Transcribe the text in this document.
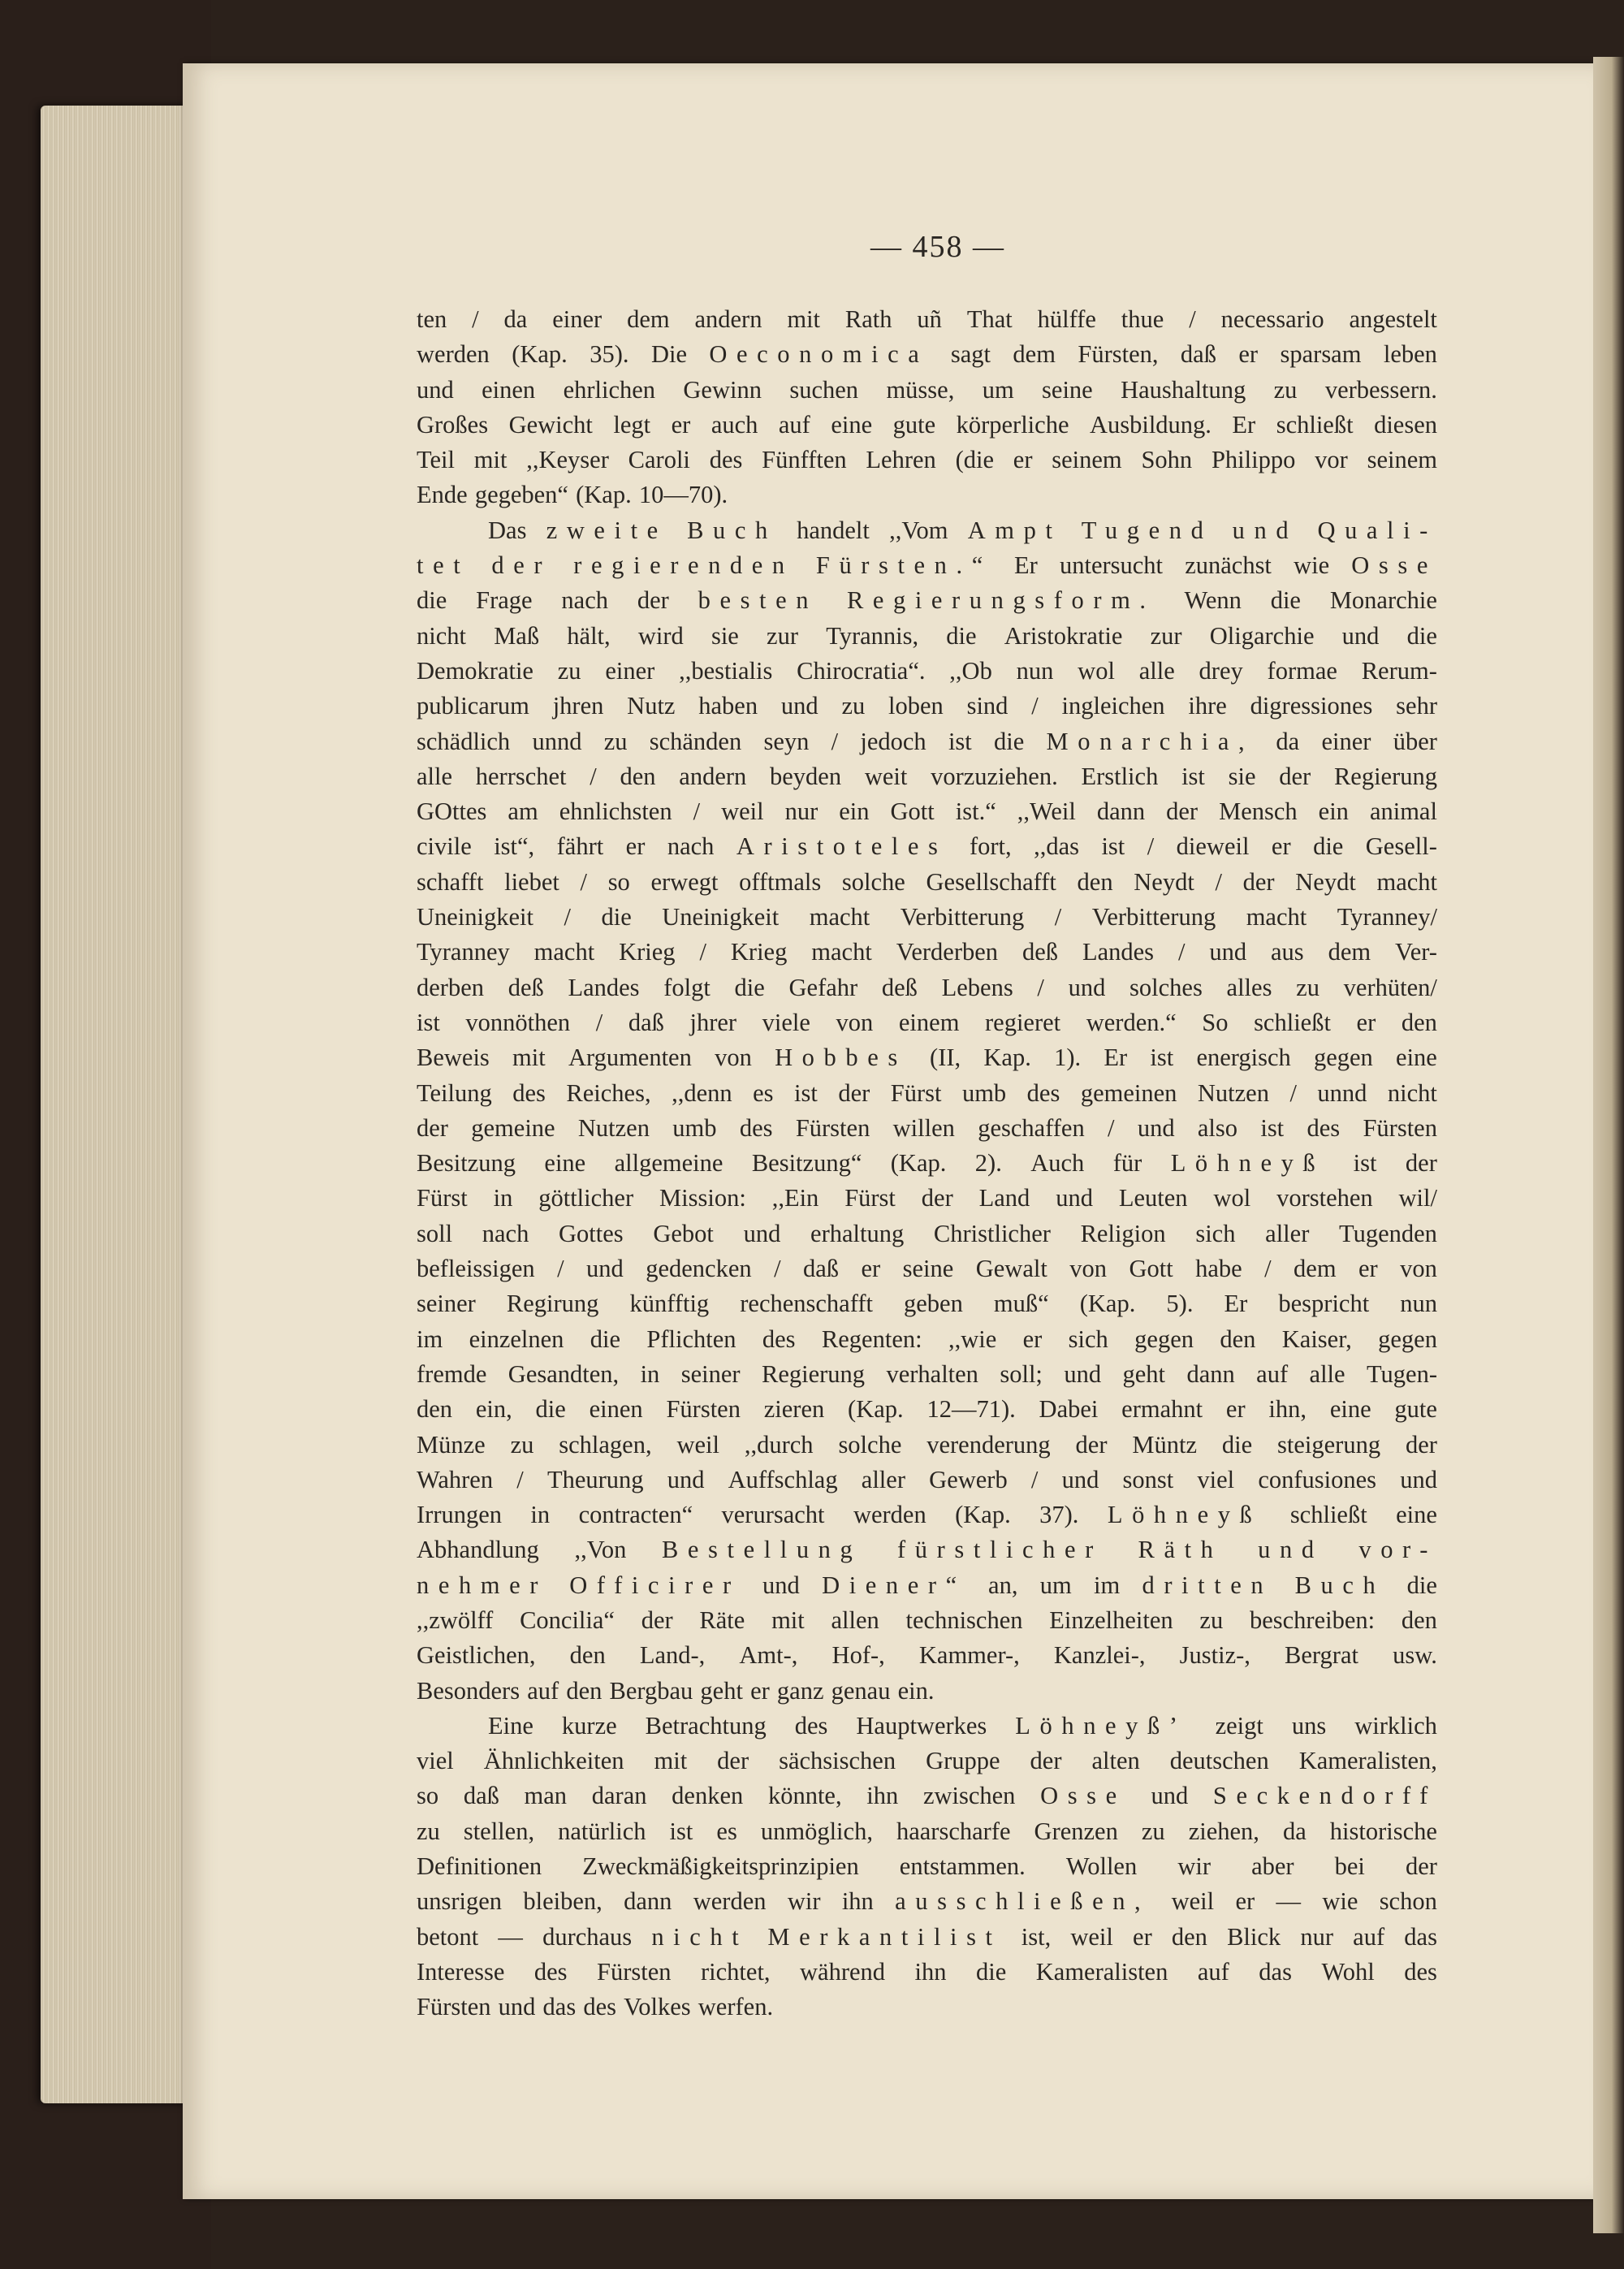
— 458 —
ten / da einer dem andern mit Rath uñ That hülffe thue / necessario angestelt
werden (Kap. 35). Die Oeconomica sagt dem Fürsten, daß er sparsam leben
und einen ehrlichen Gewinn suchen müsse, um seine Haushaltung zu verbessern.
Großes Gewicht legt er auch auf eine gute körperliche Ausbildung. Er schließt diesen
Teil mit ,,Keyser Caroli des Fünfften Lehren (die er seinem Sohn Philippo vor seinem
Ende gegeben“ (Kap. 10—70).
Das zweite Buch handelt ,,Vom Ampt Tugend und Quali-
tet der regierenden Fürsten.“ Er untersucht zunächst wie Osse
die Frage nach der besten Regierungsform. Wenn die Monarchie
nicht Maß hält, wird sie zur Tyrannis, die Aristokratie zur Oligarchie und die
Demokratie zu einer ,,bestialis Chirocratia“. ,,Ob nun wol alle drey formae Rerum-
publicarum jhren Nutz haben und zu loben sind / ingleichen ihre digressiones sehr
schädlich unnd zu schänden seyn / jedoch ist die Monarchia, da einer über
alle herrschet / den andern beyden weit vorzuziehen. Erstlich ist sie der Regierung
GOttes am ehnlichsten / weil nur ein Gott ist.“ ,,Weil dann der Mensch ein animal
civile ist“, fährt er nach Aristoteles fort, ,,das ist / dieweil er die Gesell-
schafft liebet / so erwegt offtmals solche Gesellschafft den Neydt / der Neydt macht
Uneinigkeit / die Uneinigkeit macht Verbitterung / Verbitterung macht Tyranney/
Tyranney macht Krieg / Krieg macht Verderben deß Landes / und aus dem Ver-
derben deß Landes folgt die Gefahr deß Lebens / und solches alles zu verhüten/
ist vonnöthen / daß jhrer viele von einem regieret werden.“ So schließt er den
Beweis mit Argumenten von Hobbes (II, Kap. 1). Er ist energisch gegen eine
Teilung des Reiches, ,,denn es ist der Fürst umb des gemeinen Nutzen / unnd nicht
der gemeine Nutzen umb des Fürsten willen geschaffen / und also ist des Fürsten
Besitzung eine allgemeine Besitzung“ (Kap. 2). Auch für Löhneyß ist der
Fürst in göttlicher Mission: ,,Ein Fürst der Land und Leuten wol vorstehen wil/
soll nach Gottes Gebot und erhaltung Christlicher Religion sich aller Tugenden
befleissigen / und gedencken / daß er seine Gewalt von Gott habe / dem er von
seiner Regirung künfftig rechenschafft geben muß“ (Kap. 5). Er bespricht nun
im einzelnen die Pflichten des Regenten: ,,wie er sich gegen den Kaiser, gegen
fremde Gesandten, in seiner Regierung verhalten soll; und geht dann auf alle Tugen-
den ein, die einen Fürsten zieren (Kap. 12—71). Dabei ermahnt er ihn, eine gute
Münze zu schlagen, weil ,,durch solche verenderung der Müntz die steigerung der
Wahren / Theurung und Auffschlag aller Gewerb / und sonst viel confusiones und
Irrungen in contracten“ verursacht werden (Kap. 37). Löhneyß schließt eine
Abhandlung ,,Von Bestellung fürstlicher Räth und vor-
nehmer Officirer und Diener“ an, um im dritten Buch die
,,zwölff Concilia“ der Räte mit allen technischen Einzelheiten zu beschreiben: den
Geistlichen, den Land-, Amt-, Hof-, Kammer-, Kanzlei-, Justiz-, Bergrat usw.
Besonders auf den Bergbau geht er ganz genau ein.
Eine kurze Betrachtung des Hauptwerkes Löhneyß’ zeigt uns wirklich
viel Ähnlichkeiten mit der sächsischen Gruppe der alten deutschen Kameralisten,
so daß man daran denken könnte, ihn zwischen Osse und Seckendorff
zu stellen, natürlich ist es unmöglich, haarscharfe Grenzen zu ziehen, da historische
Definitionen Zweckmäßigkeitsprinzipien entstammen. Wollen wir aber bei der
unsrigen bleiben, dann werden wir ihn ausschließen, weil er — wie schon
betont — durchaus nicht Merkantilist ist, weil er den Blick nur auf das
Interesse des Fürsten richtet, während ihn die Kameralisten auf das Wohl des
Fürsten und das des Volkes werfen.
